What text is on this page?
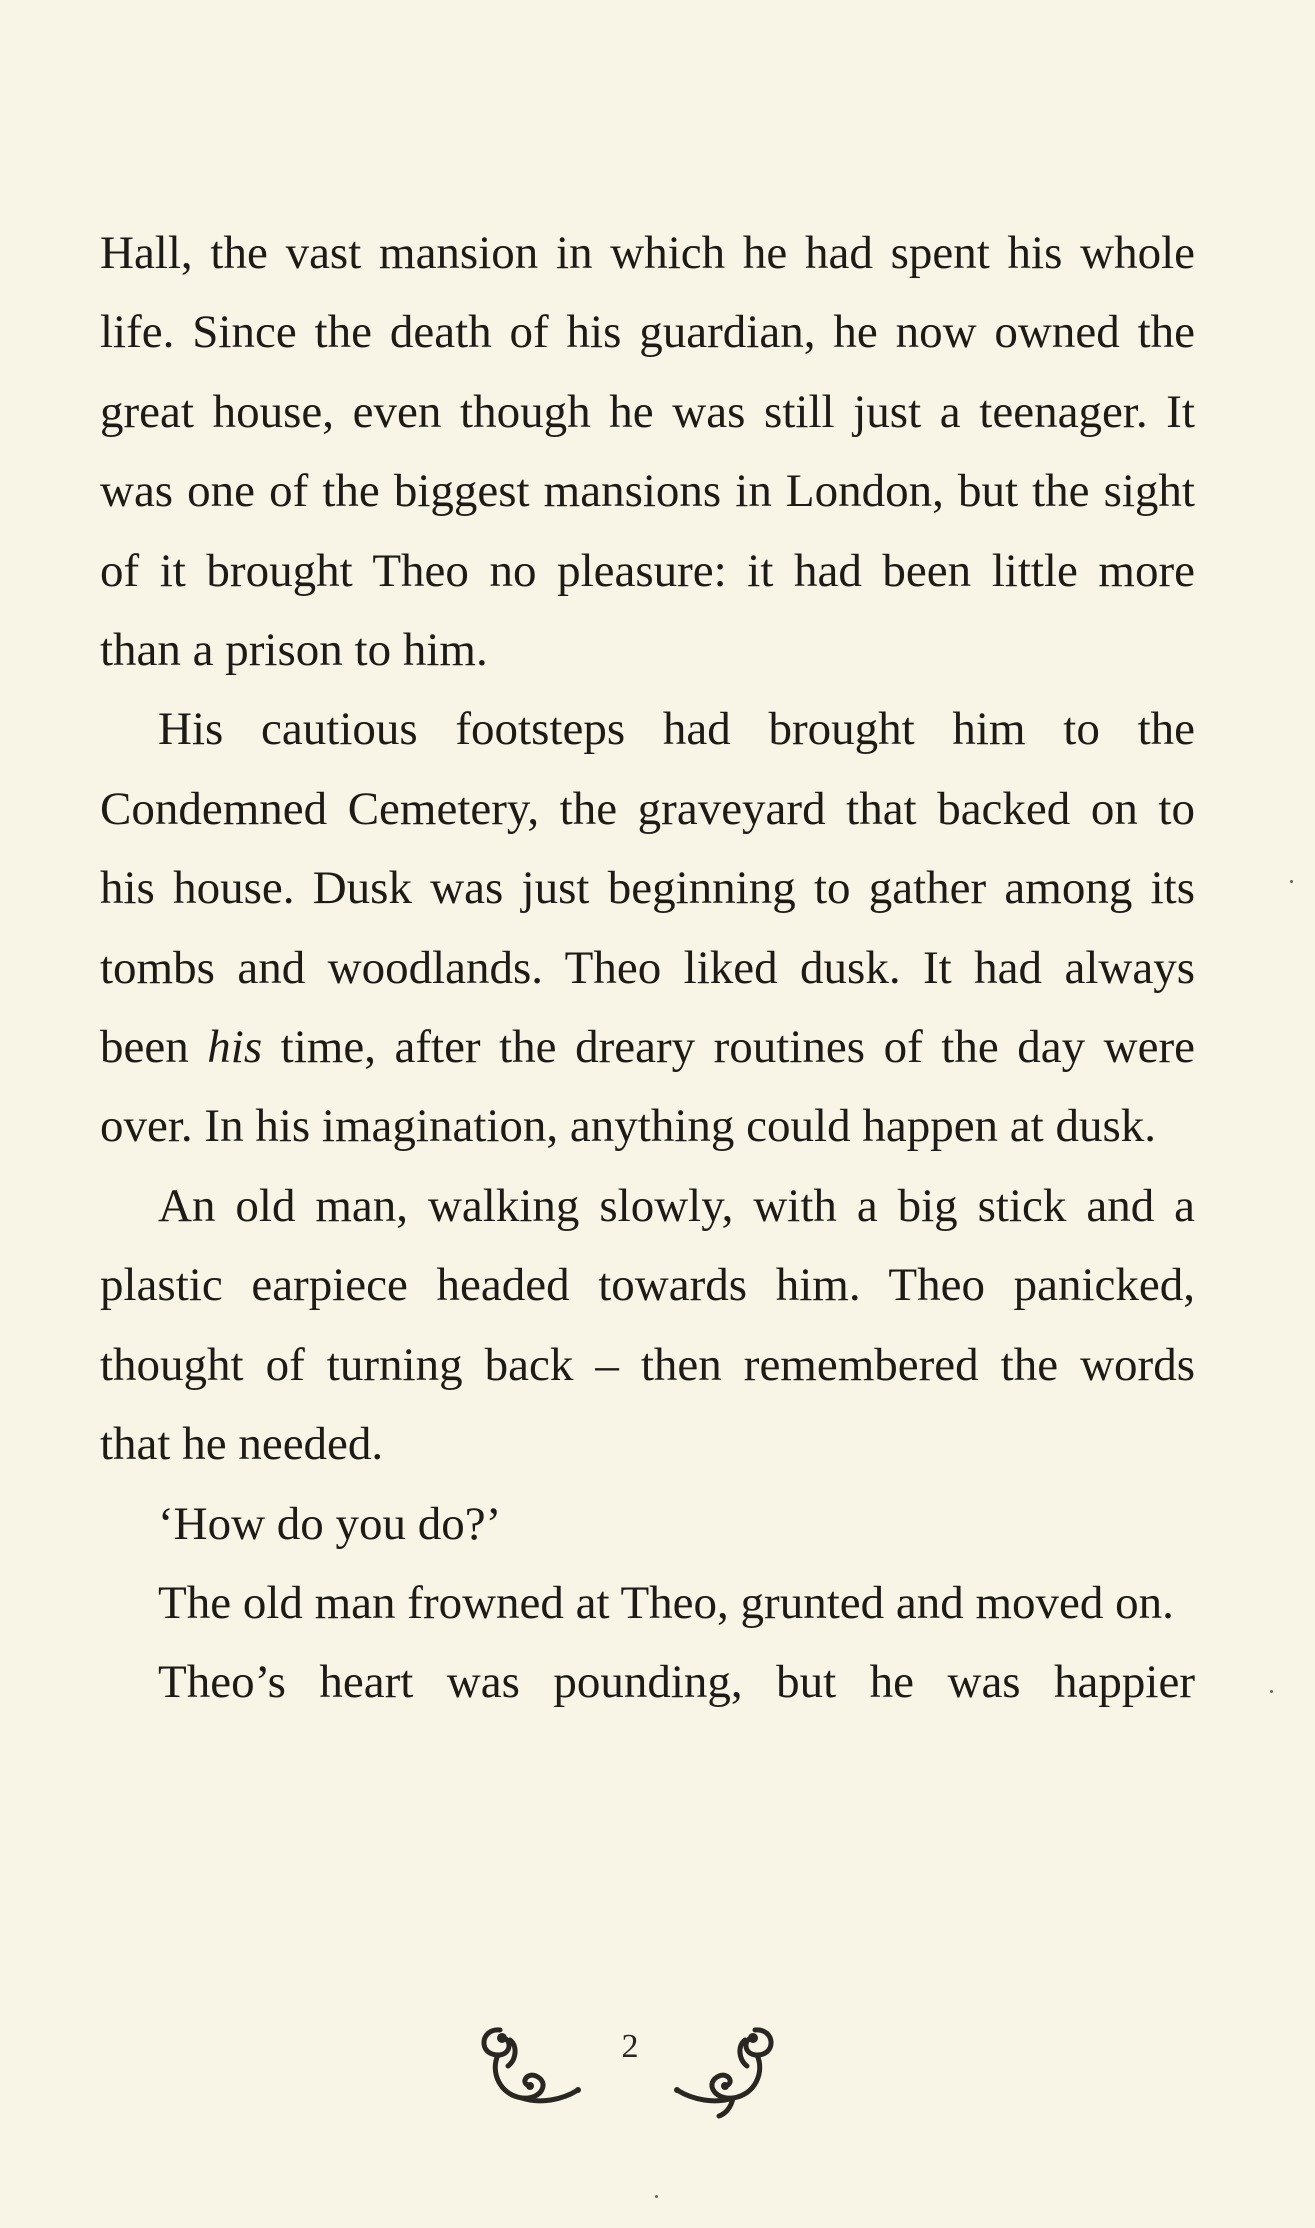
Hall, the vast mansion in which he had spent his whole life. Since the death of his guardian, he now owned the great house, even though he was still just a teenager. It was one of the biggest mansions in London, but the sight of it brought Theo no pleasure: it had been little more than a prison to him.

His cautious footsteps had brought him to the Condemned Cemetery, the graveyard that backed on to his house. Dusk was just beginning to gather among its tombs and woodlands. Theo liked dusk. It had always been his time, after the dreary routines of the day were over. In his imagination, anything could happen at dusk.

An old man, walking slowly, with a big stick and a plastic earpiece headed towards him. Theo panicked, thought of turning back – then remembered the words that he needed.

‘How do you do?’

The old man frowned at Theo, grunted and moved on.

Theo’s heart was pounding, but he was happier

2
